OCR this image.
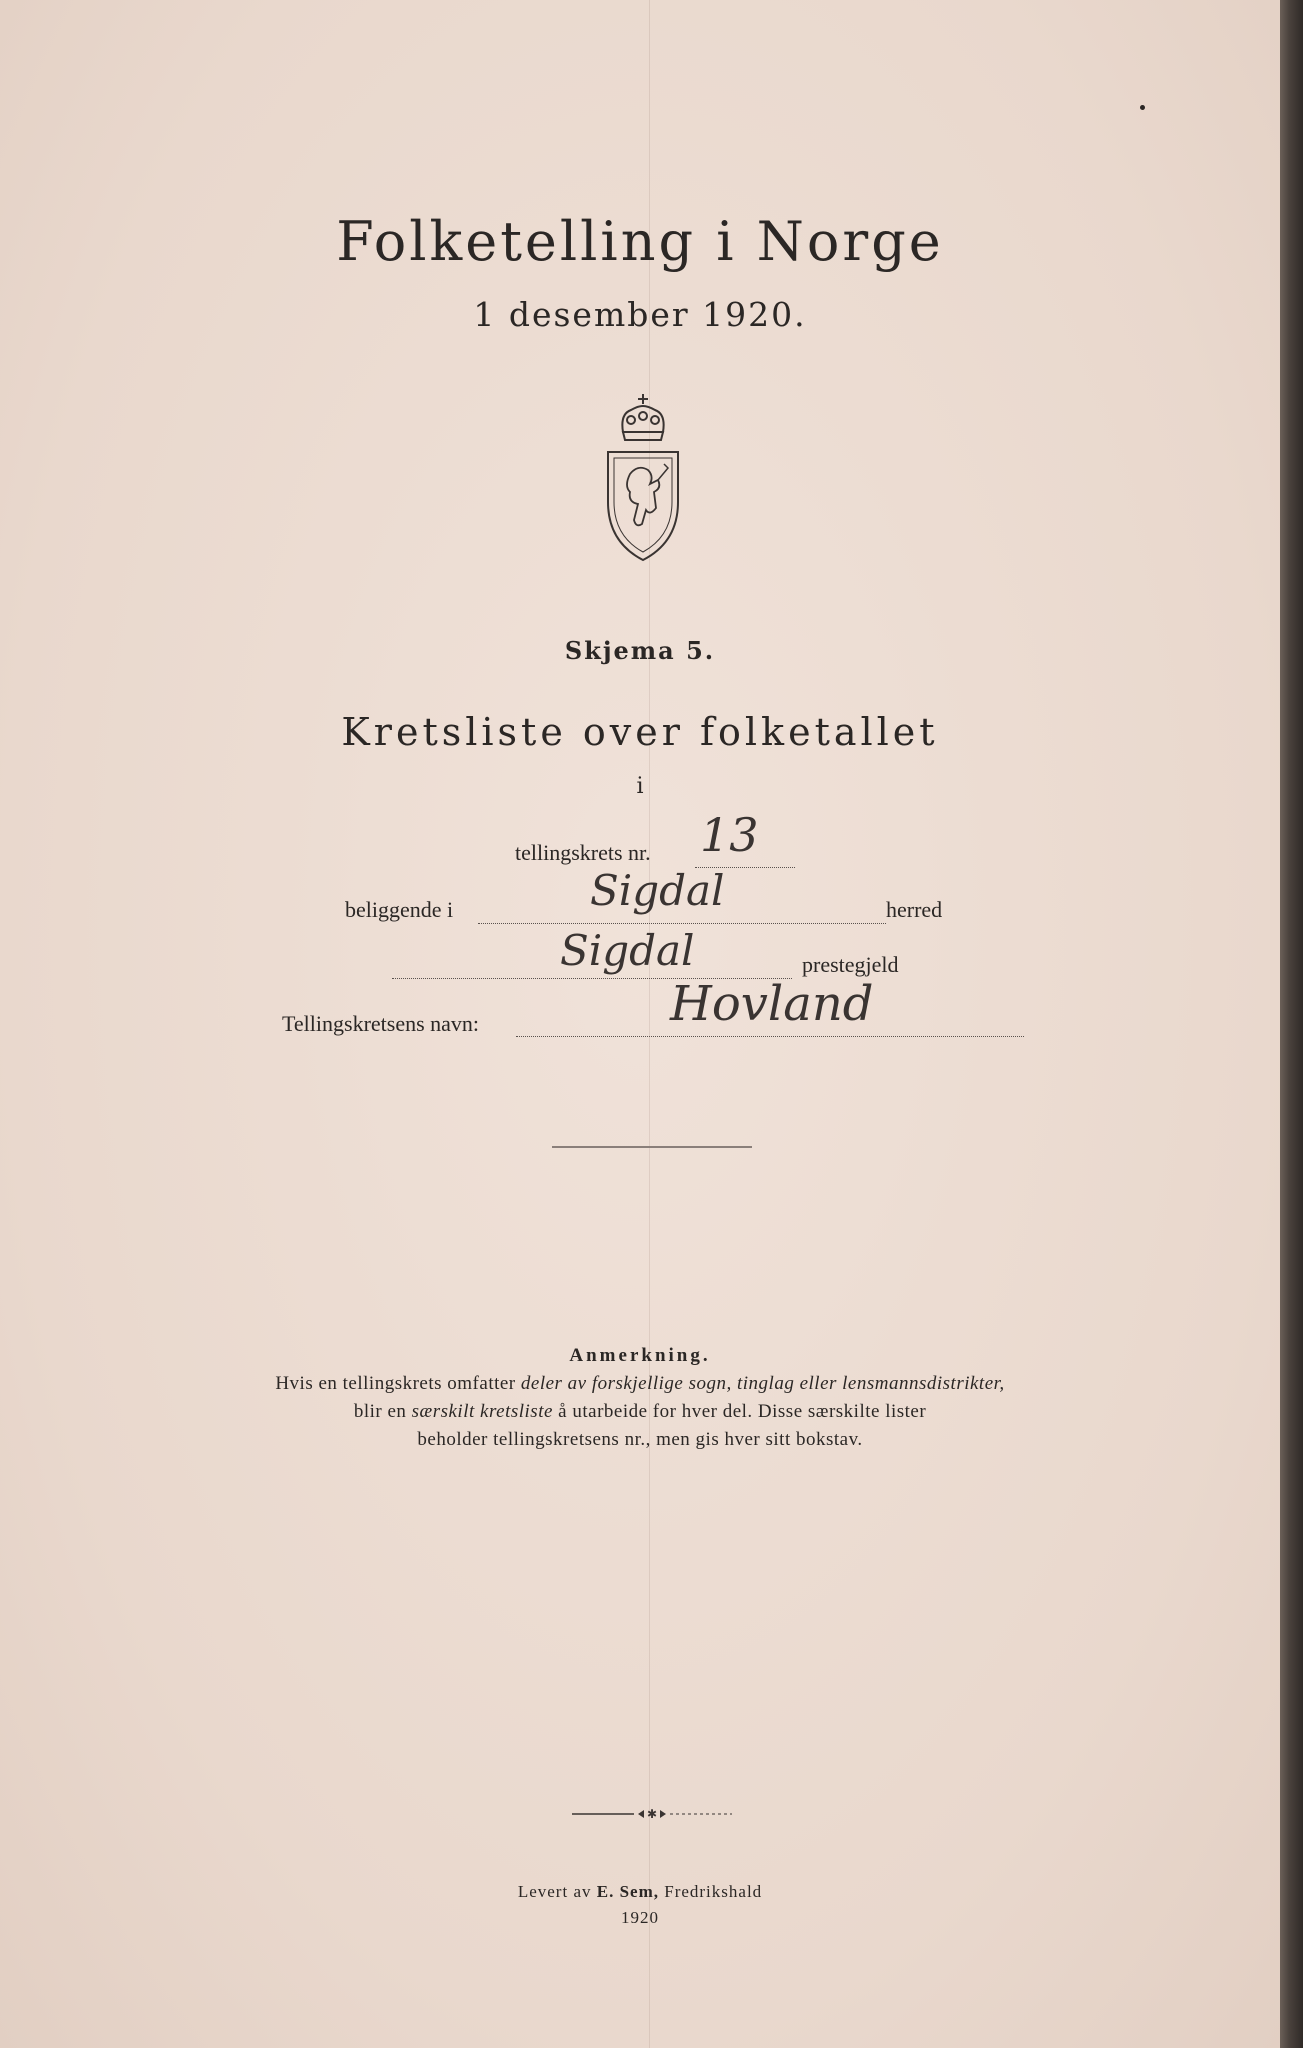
Folketelling i Norge
1 desember 1920.
Skjema 5.
Kretsliste over folketallet
i
tellingskrets nr. 13
beliggende i	Sigdal	herred
Sigdal	prestegjeld
Tellingskretsens navn:	Hovland
Anmerkning.
Hvis en tellingskrets omfatter deler av forskjellige sogn, tinglag eller lensmannsdistrikter,
blir en særskilt kretsliste å utarbeide for hver del. Disse særskilte lister
beholder tellingskretsens nr., men gis hver sitt bokstav.
✱
Levert av E. Sem, Fredrikshald
1920
